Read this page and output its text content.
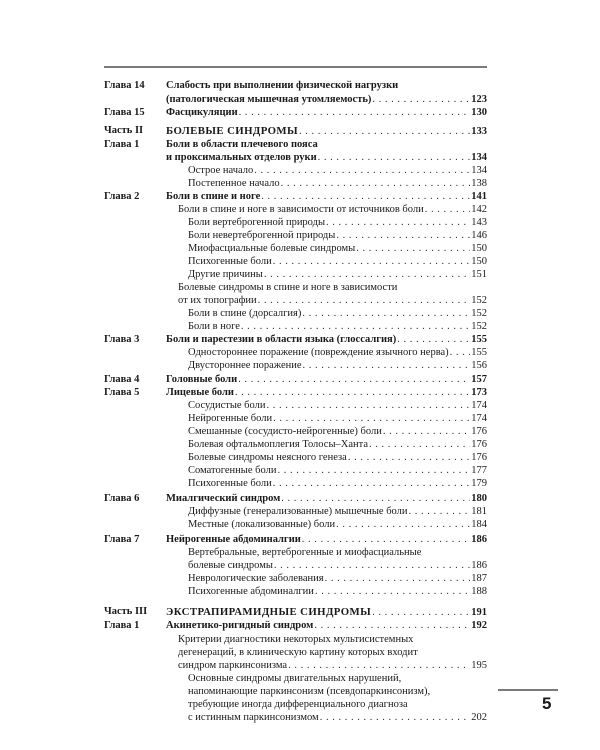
Глава 14 Слабость при выполнении физической нагрузки
(патологическая мышечная утомляемость) . . .	123
Глава 15 Фасцикуляции . . .	130
Часть II БОЛЕВЫЕ СИНДРОМЫ . . .	133
Глава 1	Боли в области плечевого пояса
и проксимальных отделов руки . . .	134
Острое начало . . .	134
Постепенное начало . . .	138
Глава 2	Боли в спине и ноге . . .	141
Боли в спине и ноге в зависимости от источников боли . . .	142
Боли вертеброгенной природы . . .	143
Боли невертеброгенной природы . . .	146
Миофасциальные болевые синдромы . . .	150
Психогенные боли . . .	150
Другие причины . . .	151
Болевые синдромы в спине и ноге в зависимости
от их топографии . . .	152
Боли в спине (дорсалгия) . . .	152
Боли в ноге . . .	152
Глава 3	Боли и парестезии в области языка (глоссалгия) . . .	155
Одностороннее поражение (повреждение язычного нерва) . . . 155
Двустороннее поражение . . .	156
Глава 4	Головные боли . . .	157
Глава 5	Лицевые боли . . .	173
Сосудистые боли . . .	174
Нейрогенные боли . . .	174
Смешанные (сосудисто-нейрогенные) боли . . .	176
Болевая офтальмоплегия Толосы–Ханта . . .	176
Болевые синдромы неясного генеза . . .	176
Соматогенные боли . . .	177
Психогенные боли . . .	179
Глава 6	Миалгический синдром . . .	180
Диффузные (генерализованные) мышечные боли . . .	181
Местные (локализованные) боли . . .	184
Глава 7	Нейрогенные абдоминалгии . . .	186
Вертебральные, вертеброгенные и миофасциальные
болевые синдромы . . .	186
Неврологические заболевания . . .	187
Психогенные абдоминалгии . . .	188
Часть III ЭКСТРАПИРАМИДНЫЕ СИНДРОМЫ . . .	191
Глава 1	Акинетико-ригидный синдром . . .	192
Критерии диагностики некоторых мультисистемных
дегенераций, в клиническую картину которых входит
синдром паркинсонизма . . .	195
Основные синдромы двигательных нарушений,
напоминающие паркинсонизм (псевдопаркинсонизм),
требующие иногда дифференциального диагноза
с истинным паркинсонизмом . . .	202
5
